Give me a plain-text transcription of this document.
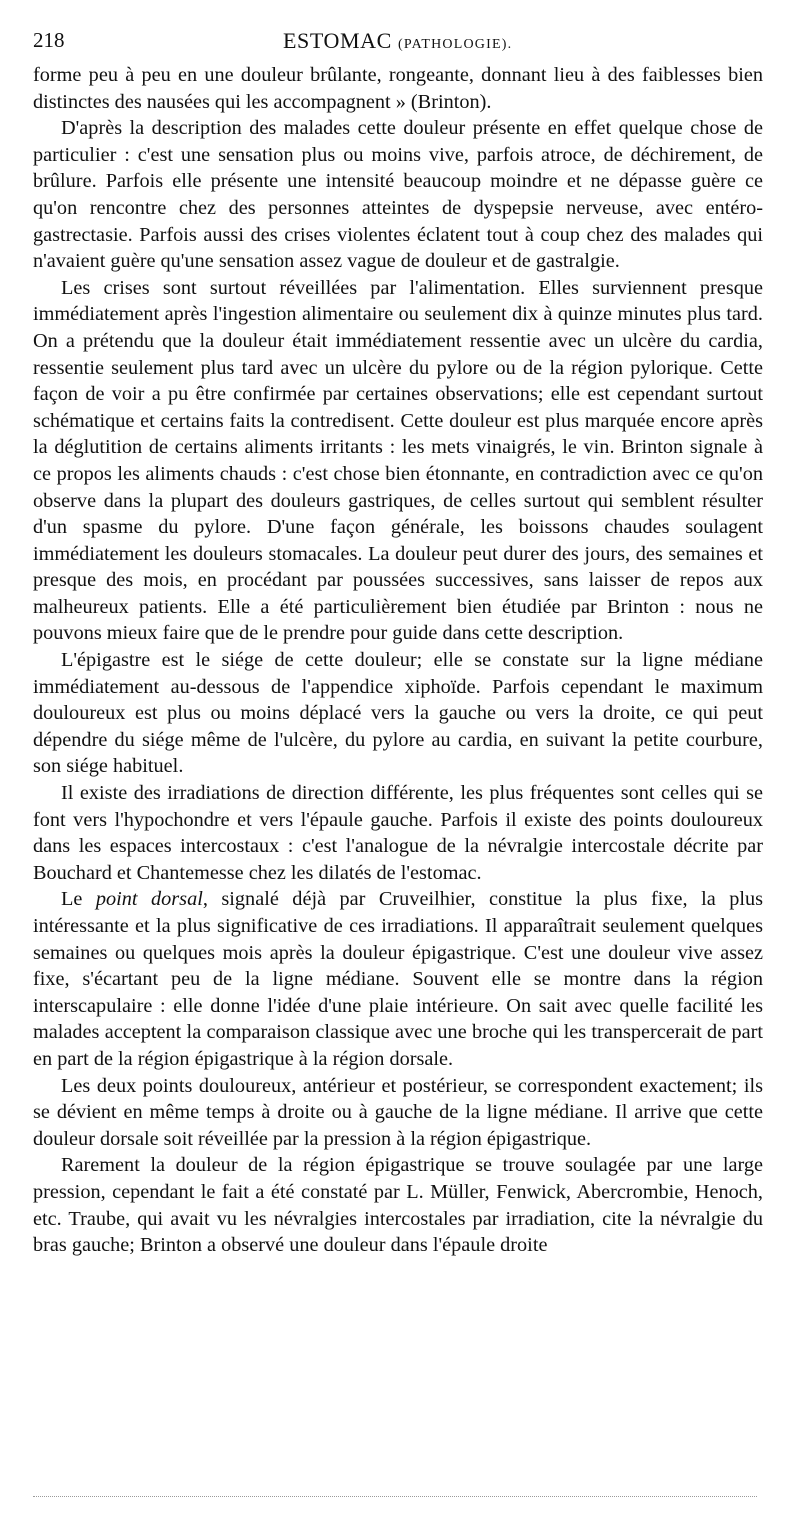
218	ESTOMAC (PATHOLOGIE).

forme peu à peu en une douleur brûlante, rongeante, donnant lieu à des faiblesses bien distinctes des nausées qui les accompagnent » (Brinton).

D'après la description des malades cette douleur présente en effet quelque chose de particulier : c'est une sensation plus ou moins vive, parfois atroce, de déchirement, de brûlure. Parfois elle présente une intensité beaucoup moindre et ne dépasse guère ce qu'on rencontre chez des personnes atteintes de dyspepsie nerveuse, avec entéro-gastrectasie. Parfois aussi des crises violentes éclatent tout à coup chez des malades qui n'avaient guère qu'une sensation assez vague de douleur et de gastralgie.

Les crises sont surtout réveillées par l'alimentation. Elles surviennent presque immédiatement après l'ingestion alimentaire ou seulement dix à quinze minutes plus tard. On a prétendu que la douleur était immédiatement ressentie avec un ulcère du cardia, ressentie seulement plus tard avec un ulcère du pylore ou de la région pylorique. Cette façon de voir a pu être confirmée par certaines observations; elle est cependant surtout schématique et certains faits la contredisent. Cette douleur est plus marquée encore après la déglutition de certains aliments irritants : les mets vinaigrés, le vin. Brinton signale à ce propos les aliments chauds : c'est chose bien étonnante, en contradiction avec ce qu'on observe dans la plupart des douleurs gastriques, de celles surtout qui semblent résulter d'un spasme du pylore. D'une façon générale, les boissons chaudes soulagent immédiatement les douleurs stomacales. La douleur peut durer des jours, des semaines et presque des mois, en procédant par poussées successives, sans laisser de repos aux malheureux patients. Elle a été particulièrement bien étudiée par Brinton : nous ne pouvons mieux faire que de le prendre pour guide dans cette description.

L'épigastre est le siége de cette douleur; elle se constate sur la ligne médiane immédiatement au-dessous de l'appendice xiphoïde. Parfois cependant le maximum douloureux est plus ou moins déplacé vers la gauche ou vers la droite, ce qui peut dépendre du siége même de l'ulcère, du pylore au cardia, en suivant la petite courbure, son siége habituel.

Il existe des irradiations de direction différente, les plus fréquentes sont celles qui se font vers l'hypochondre et vers l'épaule gauche. Parfois il existe des points douloureux dans les espaces intercostaux : c'est l'analogue de la névralgie intercostale décrite par Bouchard et Chantemesse chez les dilatés de l'estomac.

Le point dorsal, signalé déjà par Cruveilhier, constitue la plus fixe, la plus intéressante et la plus significative de ces irradiations. Il apparaîtrait seulement quelques semaines ou quelques mois après la douleur épigastrique. C'est une douleur vive assez fixe, s'écartant peu de la ligne médiane. Souvent elle se montre dans la région interscapulaire : elle donne l'idée d'une plaie intérieure. On sait avec quelle facilité les malades acceptent la comparaison classique avec une broche qui les transpercerait de part en part de la région épigastrique à la région dorsale.

Les deux points douloureux, antérieur et postérieur, se correspondent exactement; ils se dévient en même temps à droite ou à gauche de la ligne médiane. Il arrive que cette douleur dorsale soit réveillée par la pression à la région épigastrique.

Rarement la douleur de la région épigastrique se trouve soulagée par une large pression, cependant le fait a été constaté par L. Müller, Fenwick, Abercrombie, Henoch, etc. Traube, qui avait vu les névralgies intercostales par irradiation, cite la névralgie du bras gauche; Brinton a observé une douleur dans l'épaule droite
